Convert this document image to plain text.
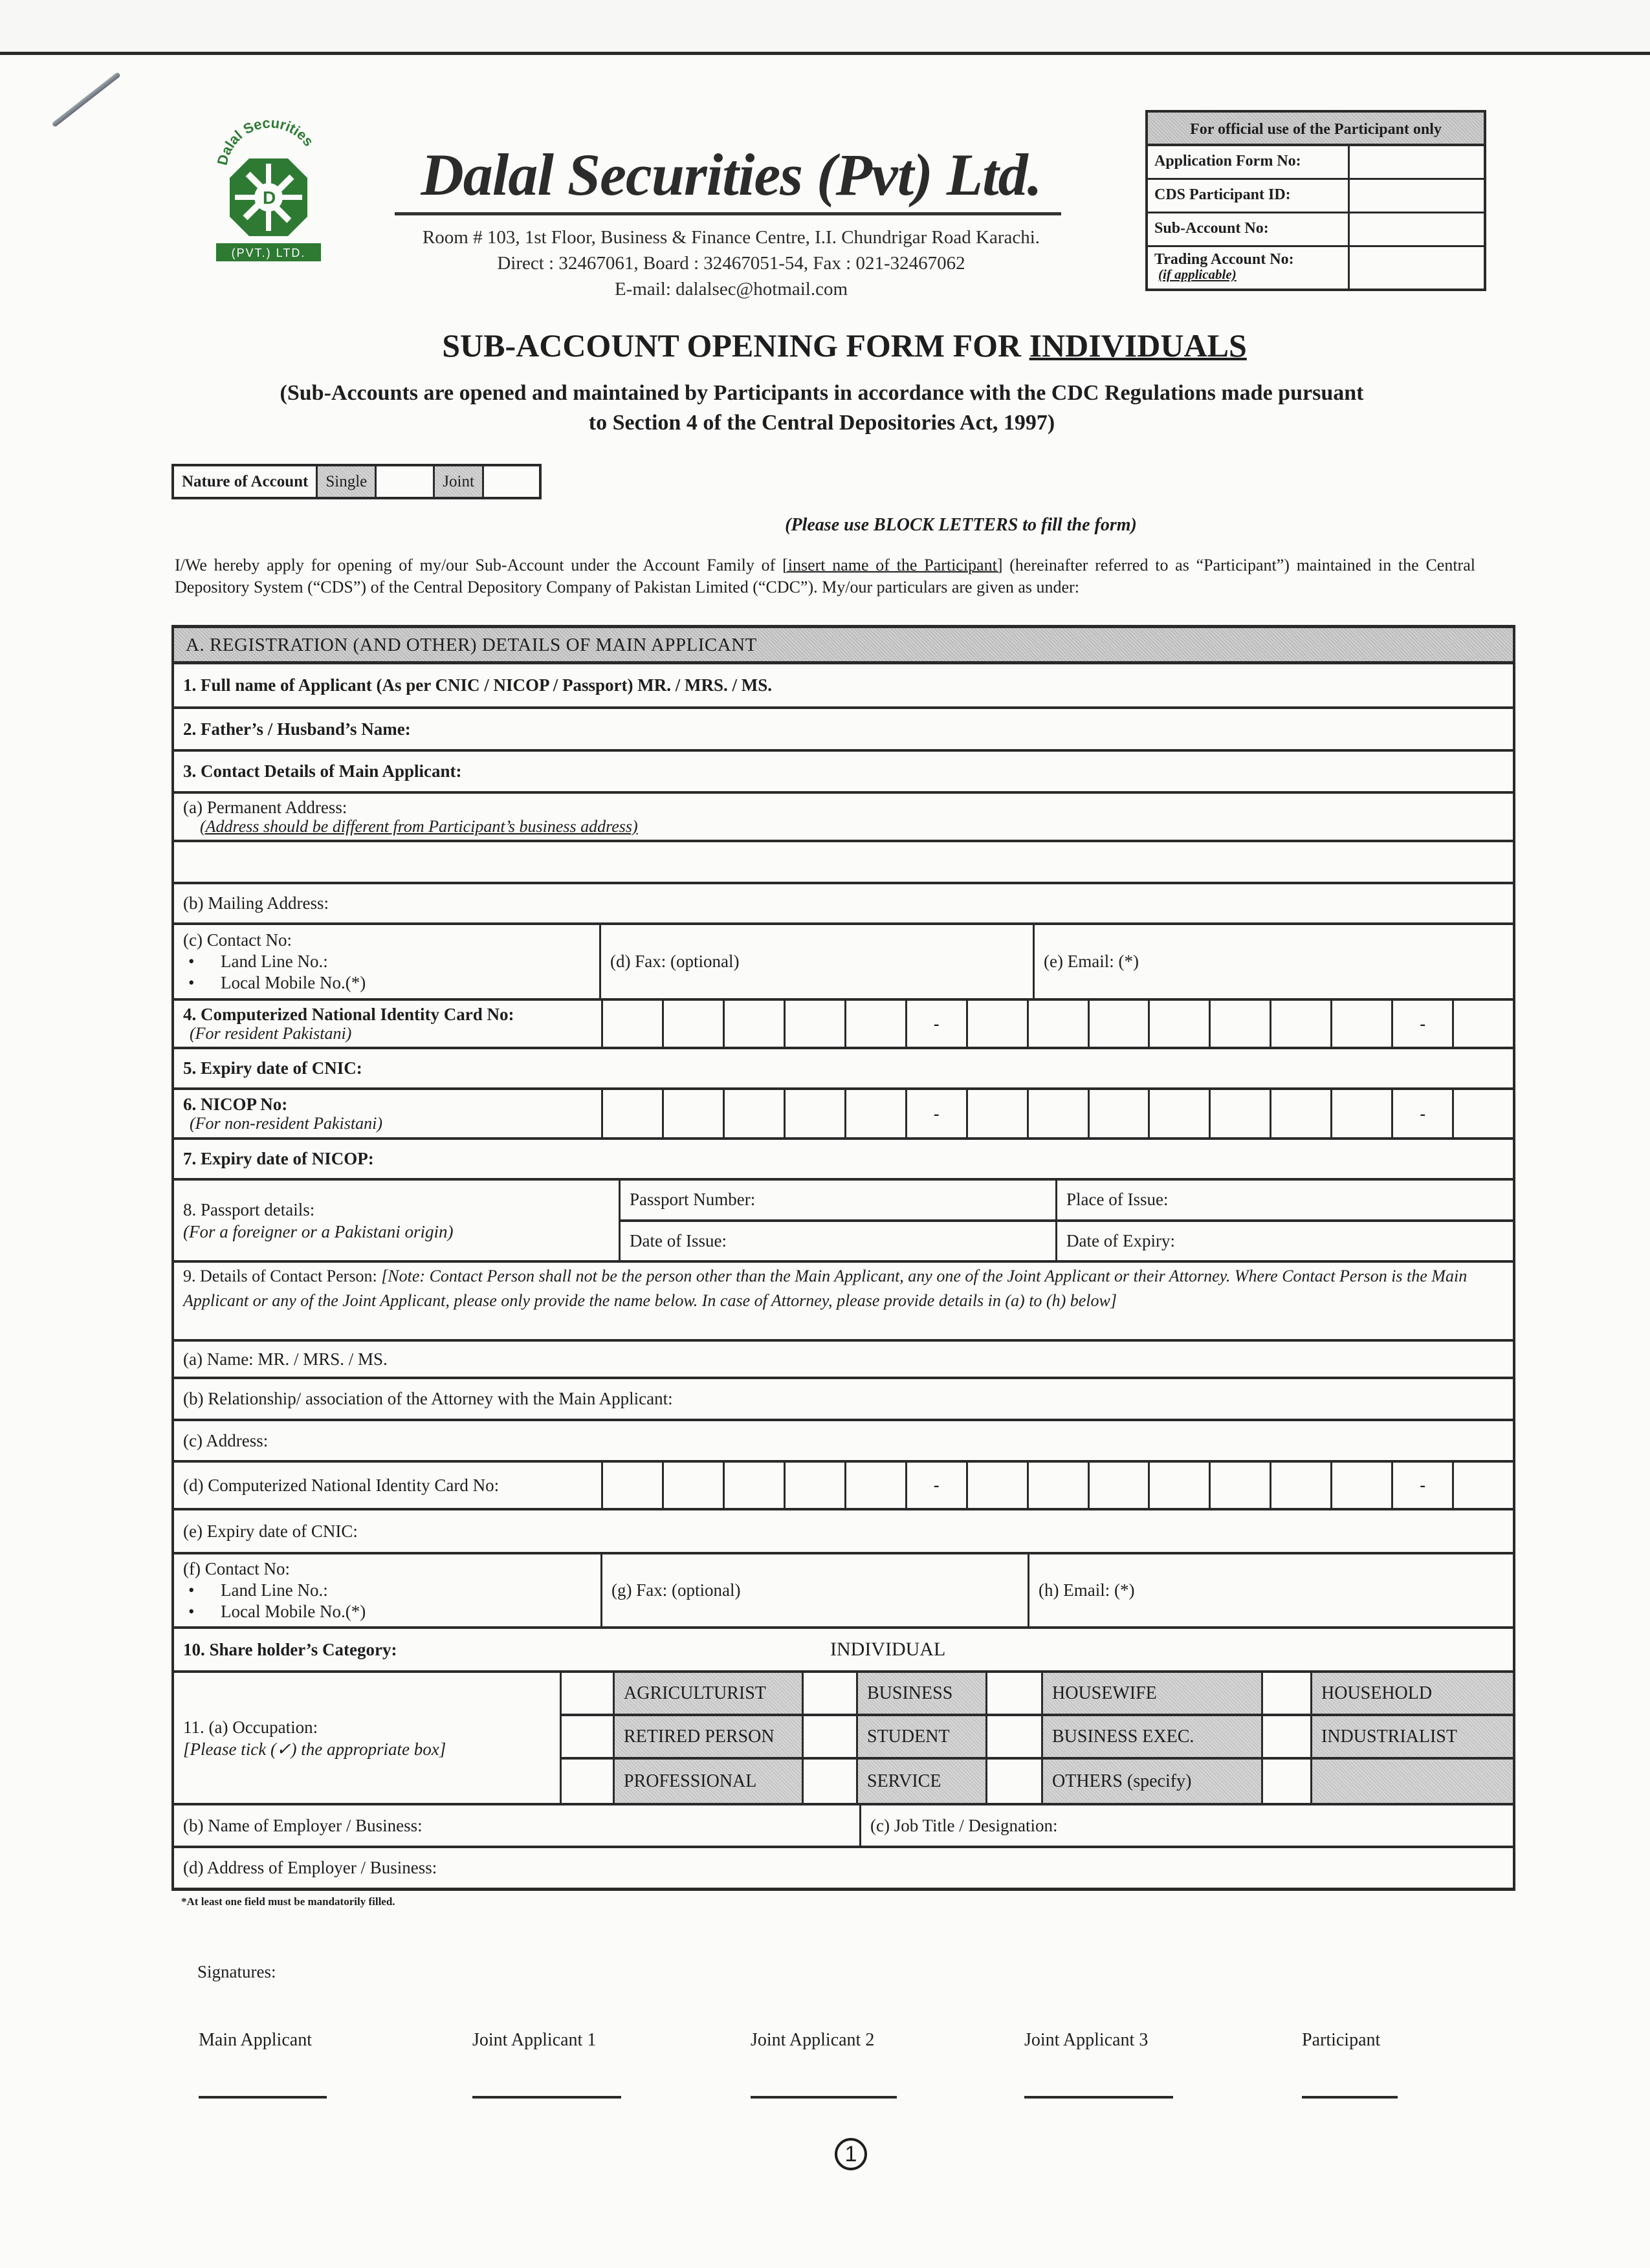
Dalal Securities
D
(PVT.) LTD.
Dalal Securities (Pvt) Ltd.
Room # 103, 1st Floor, Business & Finance Centre, I.I. Chundrigar Road Karachi.
Direct : 32467061, Board : 32467051-54, Fax : 021-32467062
E-mail: dalalsec@hotmail.com
For official use of the Participant only
Application Form No:
CDS Participant ID:
Sub-Account No:
Trading Account No:
(if applicable)
SUB-ACCOUNT OPENING FORM FOR INDIVIDUALS
(Sub-Accounts are opened and maintained by Participants in accordance with the CDC Regulations made pursuant
to Section 4 of the Central Depositories Act, 1997)
Nature of Account	Single	Joint
(Please use BLOCK LETTERS to fill the form)
I/We hereby apply for opening of my/our Sub-Account under the Account Family of [insert name of the Participant] (hereinafter referred to as “Participant”) maintained in the Central Depository System (“CDS”) of the Central Depository Company of Pakistan Limited (“CDC”). My/our particulars are given as under:
A. REGISTRATION (AND OTHER) DETAILS OF MAIN APPLICANT
1. Full name of Applicant (As per CNIC / NICOP / Passport) MR. / MRS. / MS.
2. Father’s / Husband’s Name:
3. Contact Details of Main Applicant:
(a) Permanent Address:
(Address should be different from Participant’s business address)
(b) Mailing Address:
(c) Contact No:
• Land Line No.:
• Local Mobile No.(*)
(d) Fax: (optional)	(e) Email: (*)
4. Computerized National Identity Card No:
(For resident Pakistani)
-	-
5. Expiry date of CNIC:
6. NICOP No:
(For non-resident Pakistani)
-	-
7. Expiry date of NICOP:
8. Passport details:
(For a foreigner or a Pakistani origin)
Passport Number:	Place of Issue:
Date of Issue:	Date of Expiry:
9. Details of Contact Person: [Note: Contact Person shall not be the person other than the Main Applicant, any one of the Joint Applicant or their Attorney. Where Contact Person is the Main Applicant or any of the Joint Applicant, please only provide the name below. In case of Attorney, please provide details in (a) to (h) below]
(a) Name: MR. / MRS. / MS.
(b) Relationship/ association of the Attorney with the Main Applicant:
(c) Address:
(d) Computerized National Identity Card No:	-	-
(e) Expiry date of CNIC:
(f) Contact No:
• Land Line No.:
• Local Mobile No.(*)
(g) Fax: (optional)	(h) Email: (*)
10. Share holder’s Category:	INDIVIDUAL
11. (a) Occupation:
[Please tick (✓) the appropriate box]
AGRICULTURIST	BUSINESS	HOUSEWIFE	HOUSEHOLD
RETIRED PERSON	STUDENT	BUSINESS EXEC.	INDUSTRIALIST
PROFESSIONAL	SERVICE	OTHERS (specify)
(b) Name of Employer / Business:	(c) Job Title / Designation:
(d) Address of Employer / Business:
*At least one field must be mandatorily filled.
Signatures:
Main Applicant	Joint Applicant 1	Joint Applicant 2	Joint Applicant 3	Participant
1
